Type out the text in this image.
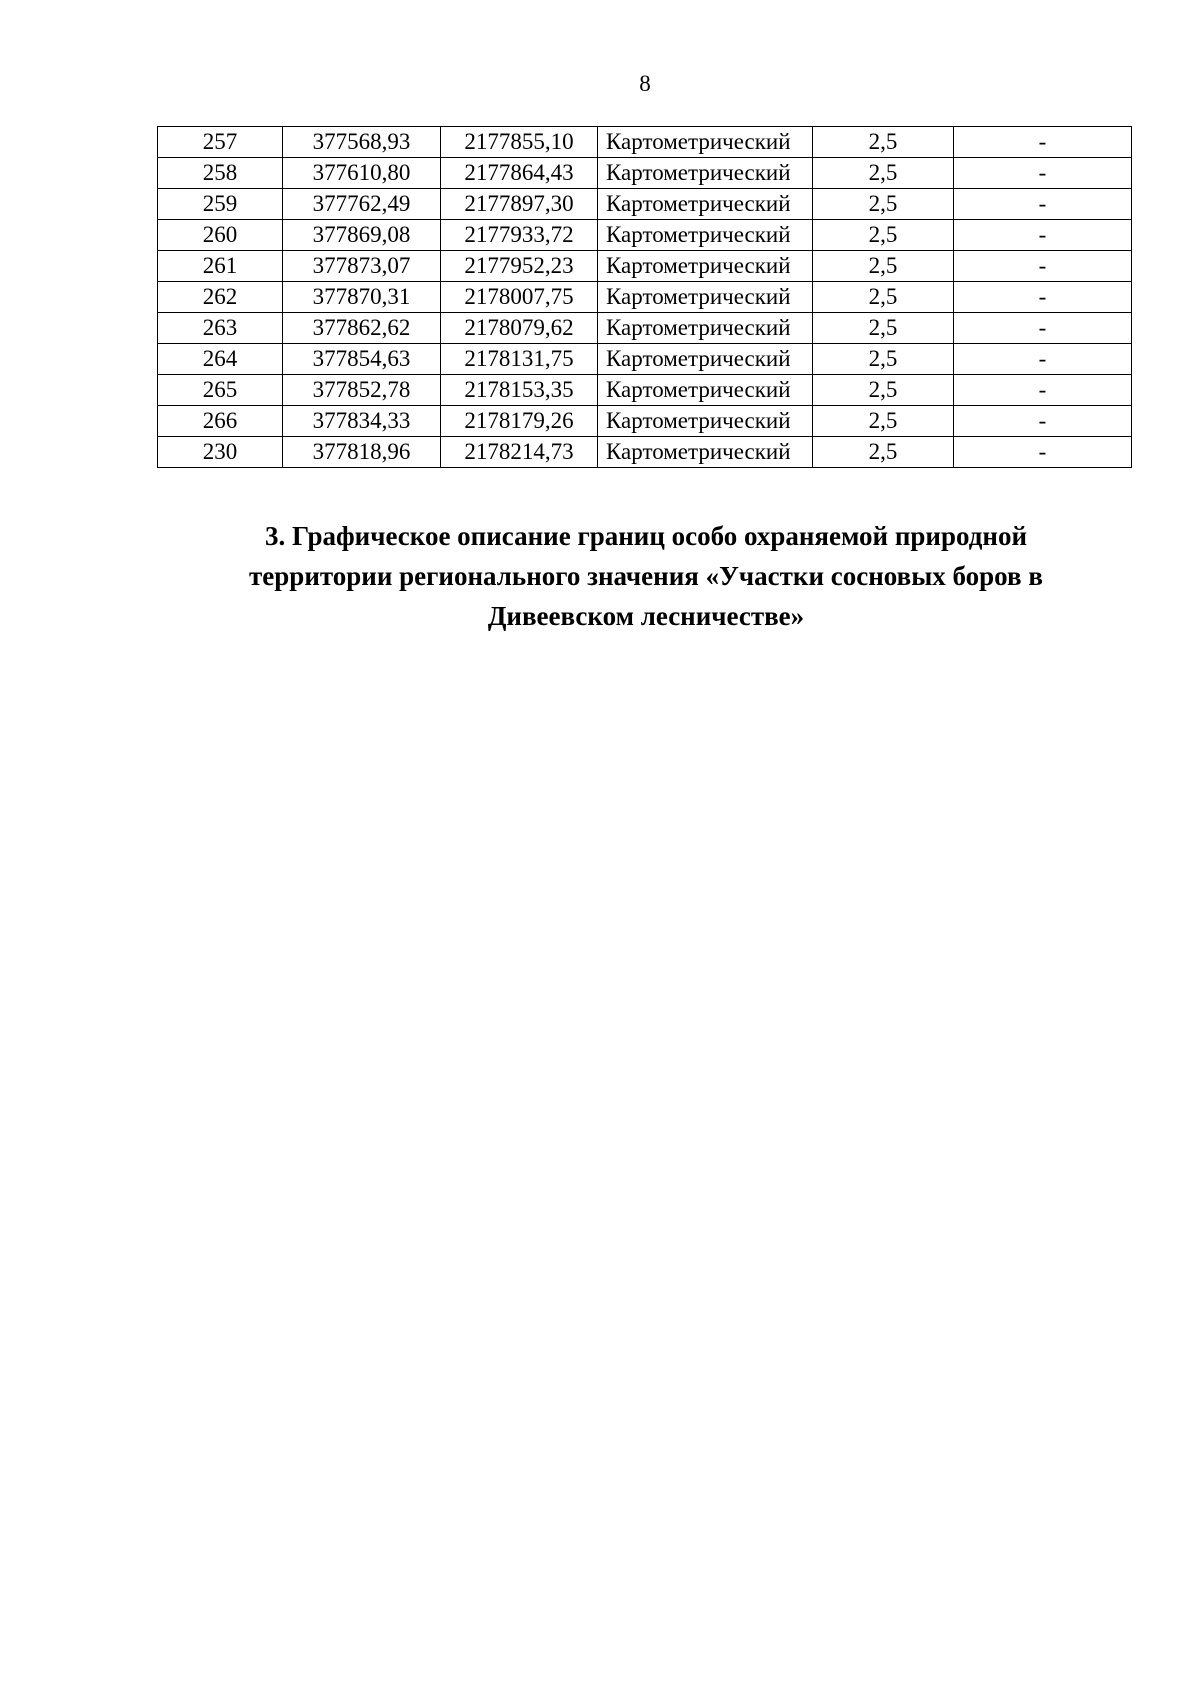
8
257	377568,93	2177855,10	Картометрический	2,5	-
258	377610,80	2177864,43	Картометрический	2,5	-
259	377762,49	2177897,30	Картометрический	2,5	-
260	377869,08	2177933,72	Картометрический	2,5	-
261	377873,07	2177952,23	Картометрический	2,5	-
262	377870,31	2178007,75	Картометрический	2,5	-
263	377862,62	2178079,62	Картометрический	2,5	-
264	377854,63	2178131,75	Картометрический	2,5	-
265	377852,78	2178153,35	Картометрический	2,5	-
266	377834,33	2178179,26	Картометрический	2,5	-
230	377818,96	2178214,73	Картометрический	2,5	-
3. Графическое описание границ особо охраняемой природной
территории регионального значения «Участки сосновых боров в
Дивеевском лесничестве»
